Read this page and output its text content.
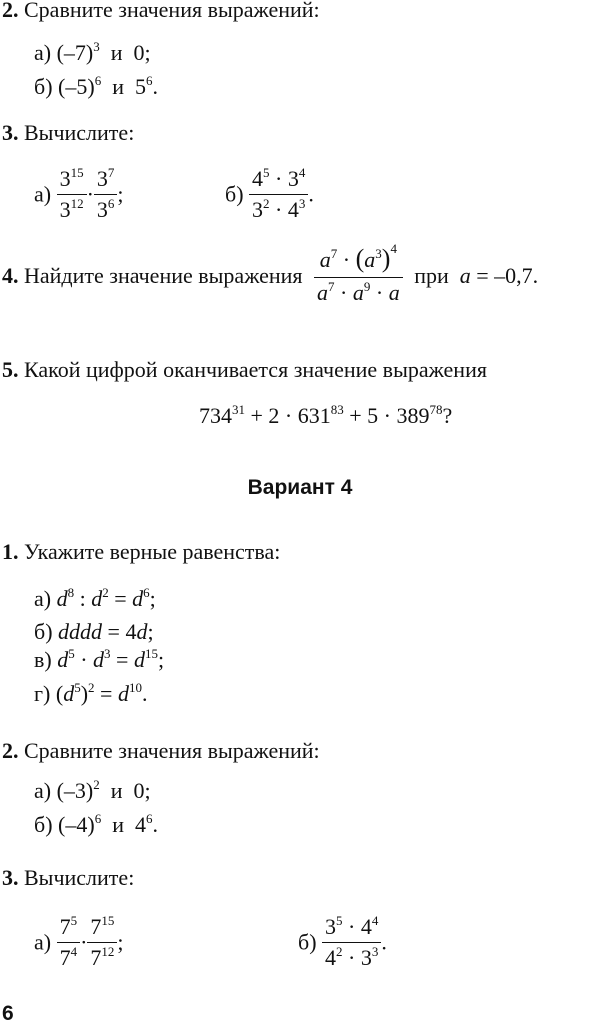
2. Сравните значения выражений:
а) $(-7)^3$ и 0;
б) $(-5)^6$ и $5^6$.
3. Вычислите:
$а) \frac{3^{15}}{3^{12}} \cdot \frac{3^7}{3^6}$ ;	$б) \frac{4^5 \cdot 3^4}{3^2 \cdot 4^3}$ .
4. Найдите значение выражения $\frac{a^7 \cdot (a^3)^4}{a^7 \cdot a^9 \cdot a}$ при a = –0,7.
5. Какой цифрой оканчивается значение выражения
$734^{31} + 2 \cdot 631^{83} + 5 \cdot 389^{78}$?
Вариант 4
1. Укажите верные равенства:
а) $d^8$ : $d^2 = d^6$;
б) dddd = 4d;
в) $d^5 \cdot d^3 = d^{15}$;
г) $(d^5)^2 = d^{10}$.
2. Сравните значения выражений:
а) $(-3)^2$ и 0;
б) $(-4)^6$ и $4^6$.
3. Вычислите:
$а) \frac{7^5}{7^4} \cdot \frac{7^{15}}{7^{12}}$ ;	$б) \frac{3^5 \cdot 4^4}{4^2 \cdot 3^3}$ .
6
